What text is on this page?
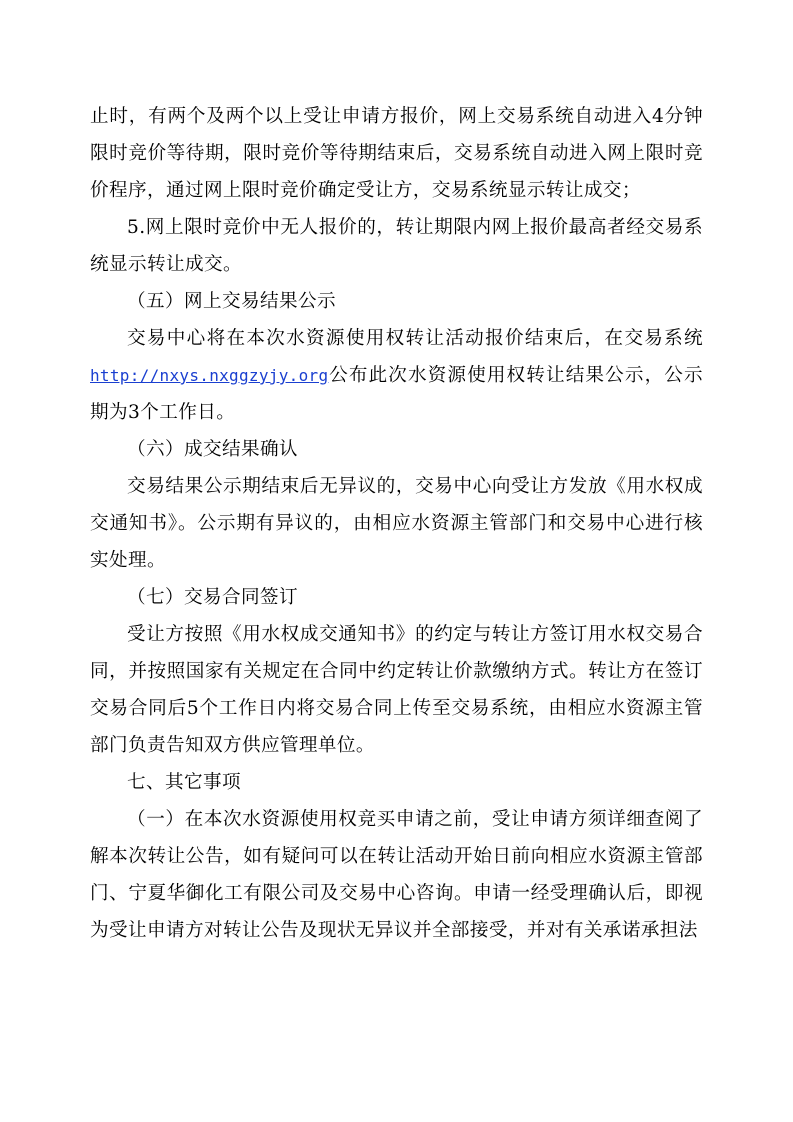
止时，有两个及两个以上受让申请方报价，网上交易系统自动进入4分钟限时竞价等待期，限时竞价等待期结束后，交易系统自动进入网上限时竞价程序，通过网上限时竞价确定受让方，交易系统显示转让成交；

5.网上限时竞价中无人报价的，转让期限内网上报价最高者经交易系统显示转让成交。

（五）网上交易结果公示

交易中心将在本次水资源使用权转让活动报价结束后，在交易系统http://nxys.nxggzyjy.org公布此次水资源使用权转让结果公示，公示期为3个工作日。

（六）成交结果确认

交易结果公示期结束后无异议的，交易中心向受让方发放《用水权成交通知书》。公示期有异议的，由相应水资源主管部门和交易中心进行核实处理。

（七）交易合同签订

受让方按照《用水权成交通知书》的约定与转让方签订用水权交易合同，并按照国家有关规定在合同中约定转让价款缴纳方式。转让方在签订交易合同后5个工作日内将交易合同上传至交易系统，由相应水资源主管部门负责告知双方供应管理单位。

七、其它事项

（一）在本次水资源使用权竞买申请之前，受让申请方须详细查阅了解本次转让公告，如有疑问可以在转让活动开始日前向相应水资源主管部门、宁夏华御化工有限公司及交易中心咨询。申请一经受理确认后，即视为受让申请方对转让公告及现状无异议并全部接受，并对有关承诺承担法
